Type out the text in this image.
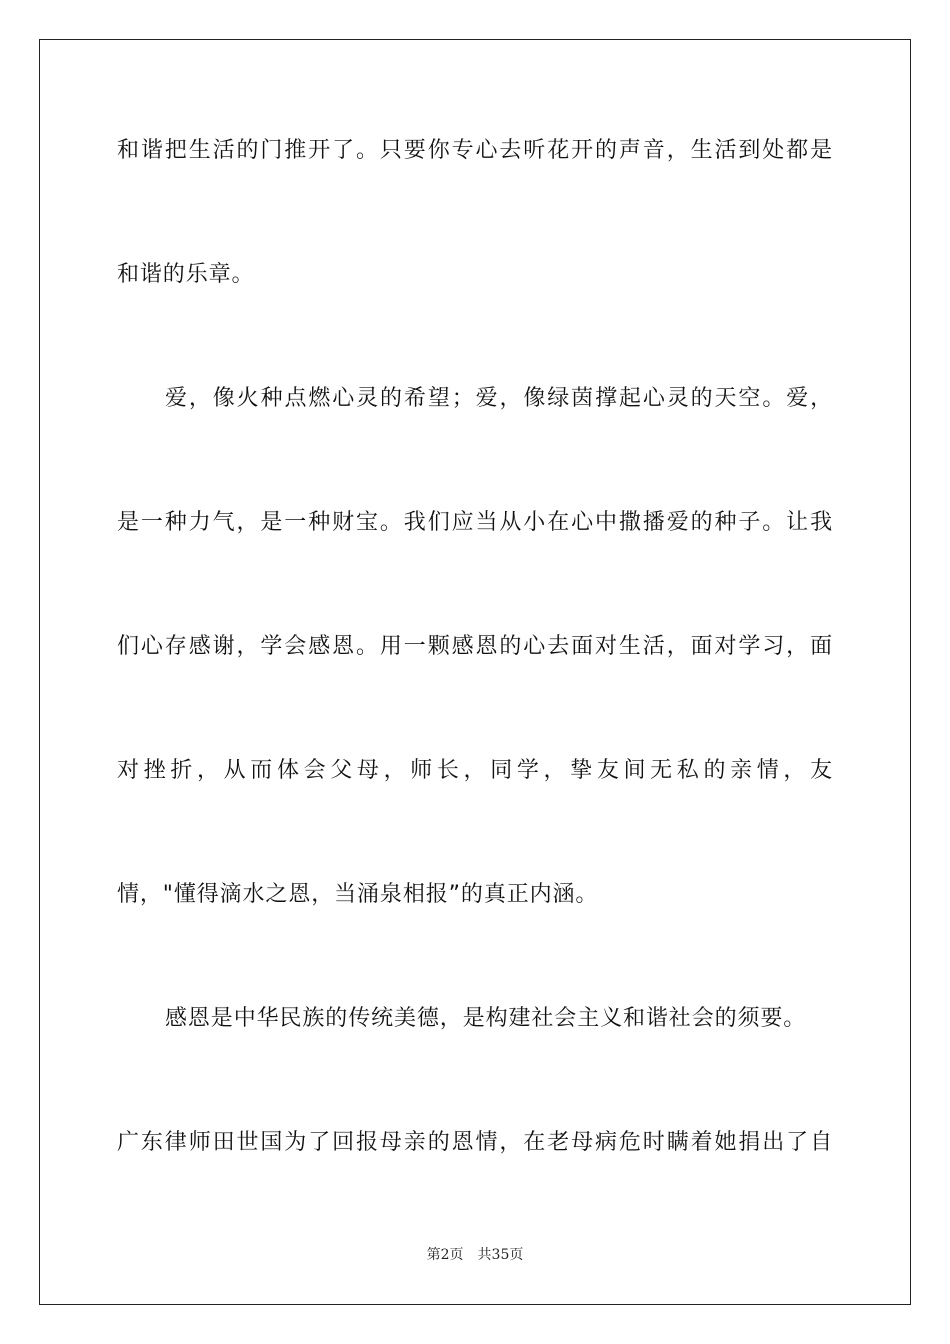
和谐把生活的门推开了。只要你专心去听花开的声音，生活到处都是
和谐的乐章。
爱，像火种点燃心灵的希望；爱，像绿茵撑起心灵的天空。爱，
是一种力气，是一种财宝。我们应当从小在心中撒播爱的种子。让我
们心存感谢，学会感恩。用一颗感恩的心去面对生活，面对学习，面
对挫折，从而体会父母，师长，同学，挚友间无私的亲情，友
情，"懂得滴水之恩，当涌泉相报”的真正内涵。
感恩是中华民族的传统美德，是构建社会主义和谐社会的须要。
广东律师田世国为了回报母亲的恩情，在老母病危时瞒着她捐出了自
第2页 共35页
